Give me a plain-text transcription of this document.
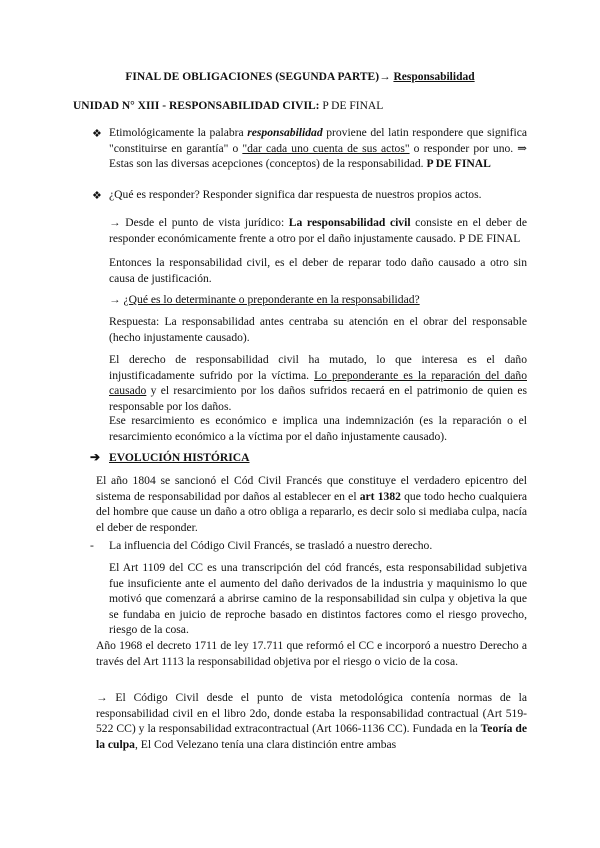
FINAL DE OBLIGACIONES (SEGUNDA PARTE)→ Responsabilidad
UNIDAD N° XIII - RESPONSABILIDAD CIVIL: P DE FINAL
❖ Etimológicamente la palabra responsabilidad proviene del latin respondere que significa "constituirse en garantía" o "dar cada uno cuenta de sus actos" o responder por uno. ⇒ Estas son las diversas acepciones (conceptos) de la responsabilidad. P DE FINAL
❖ ¿Qué es responder? Responder significa dar respuesta de nuestros propios actos.
→ Desde el punto de vista jurídico: La responsabilidad civil consiste en el deber de responder económicamente frente a otro por el daño injustamente causado. P DE FINAL
Entonces la responsabilidad civil, es el deber de reparar todo daño causado a otro sin causa de justificación.
→ ¿Qué es lo determinante o preponderante en la responsabilidad?
Respuesta: La responsabilidad antes centraba su atención en el obrar del responsable (hecho injustamente causado).
El derecho de responsabilidad civil ha mutado, lo que interesa es el daño injustificadamente sufrido por la víctima. Lo preponderante es la reparación del daño causado y el resarcimiento por los daños sufridos recaerá en el patrimonio de quien es responsable por los daños.
Ese resarcimiento es económico e implica una indemnización (es la reparación o el resarcimiento económico a la víctima por el daño injustamente causado).
➔ EVOLUCIÓN HISTÓRICA
El año 1804 se sancionó el Cód Civil Francés que constituye el verdadero epicentro del sistema de responsabilidad por daños al establecer en el art 1382 que todo hecho cualquiera del hombre que cause un daño a otro obliga a repararlo, es decir solo si mediaba culpa, nacía el deber de responder.
- La influencia del Código Civil Francés, se trasladó a nuestro derecho.
El Art 1109 del CC es una transcripción del cód francés, esta responsabilidad subjetiva fue insuficiente ante el aumento del daño derivados de la industria y maquinismo lo que motivó que comenzará a abrirse camino de la responsabilidad sin culpa y objetiva la que se fundaba en juicio de reproche basado en distintos factores como el riesgo provecho, riesgo de la cosa.
Año 1968 el decreto 1711 de ley 17.711 que reformó el CC e incorporó a nuestro Derecho a través del Art 1113 la responsabilidad objetiva por el riesgo o vicio de la cosa.
→ El Código Civil desde el punto de vista metodológica contenía normas de la responsabilidad civil en el libro 2do, donde estaba la responsabilidad contractual (Art 519-522 CC) y la responsabilidad extracontractual (Art 1066-1136 CC). Fundada en la Teoría de la culpa, El Cod Velezano tenía una clara distinción entre ambas
